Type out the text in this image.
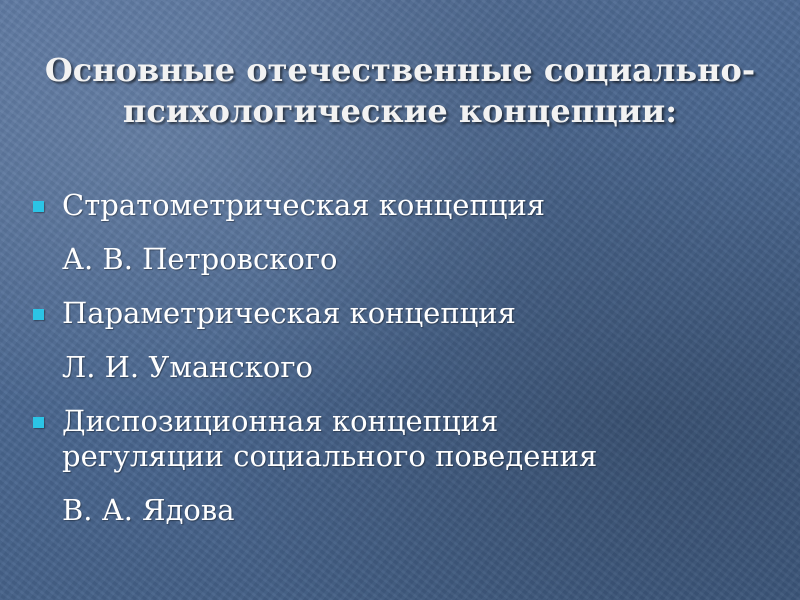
Основные отечественные социально-
психологические концепции:
Стратометрическая концепция
А. В. Петровского
Параметрическая концепция
Л. И. Уманского
Диспозиционная концепция
регуляции социального поведения
В. А. Ядова
